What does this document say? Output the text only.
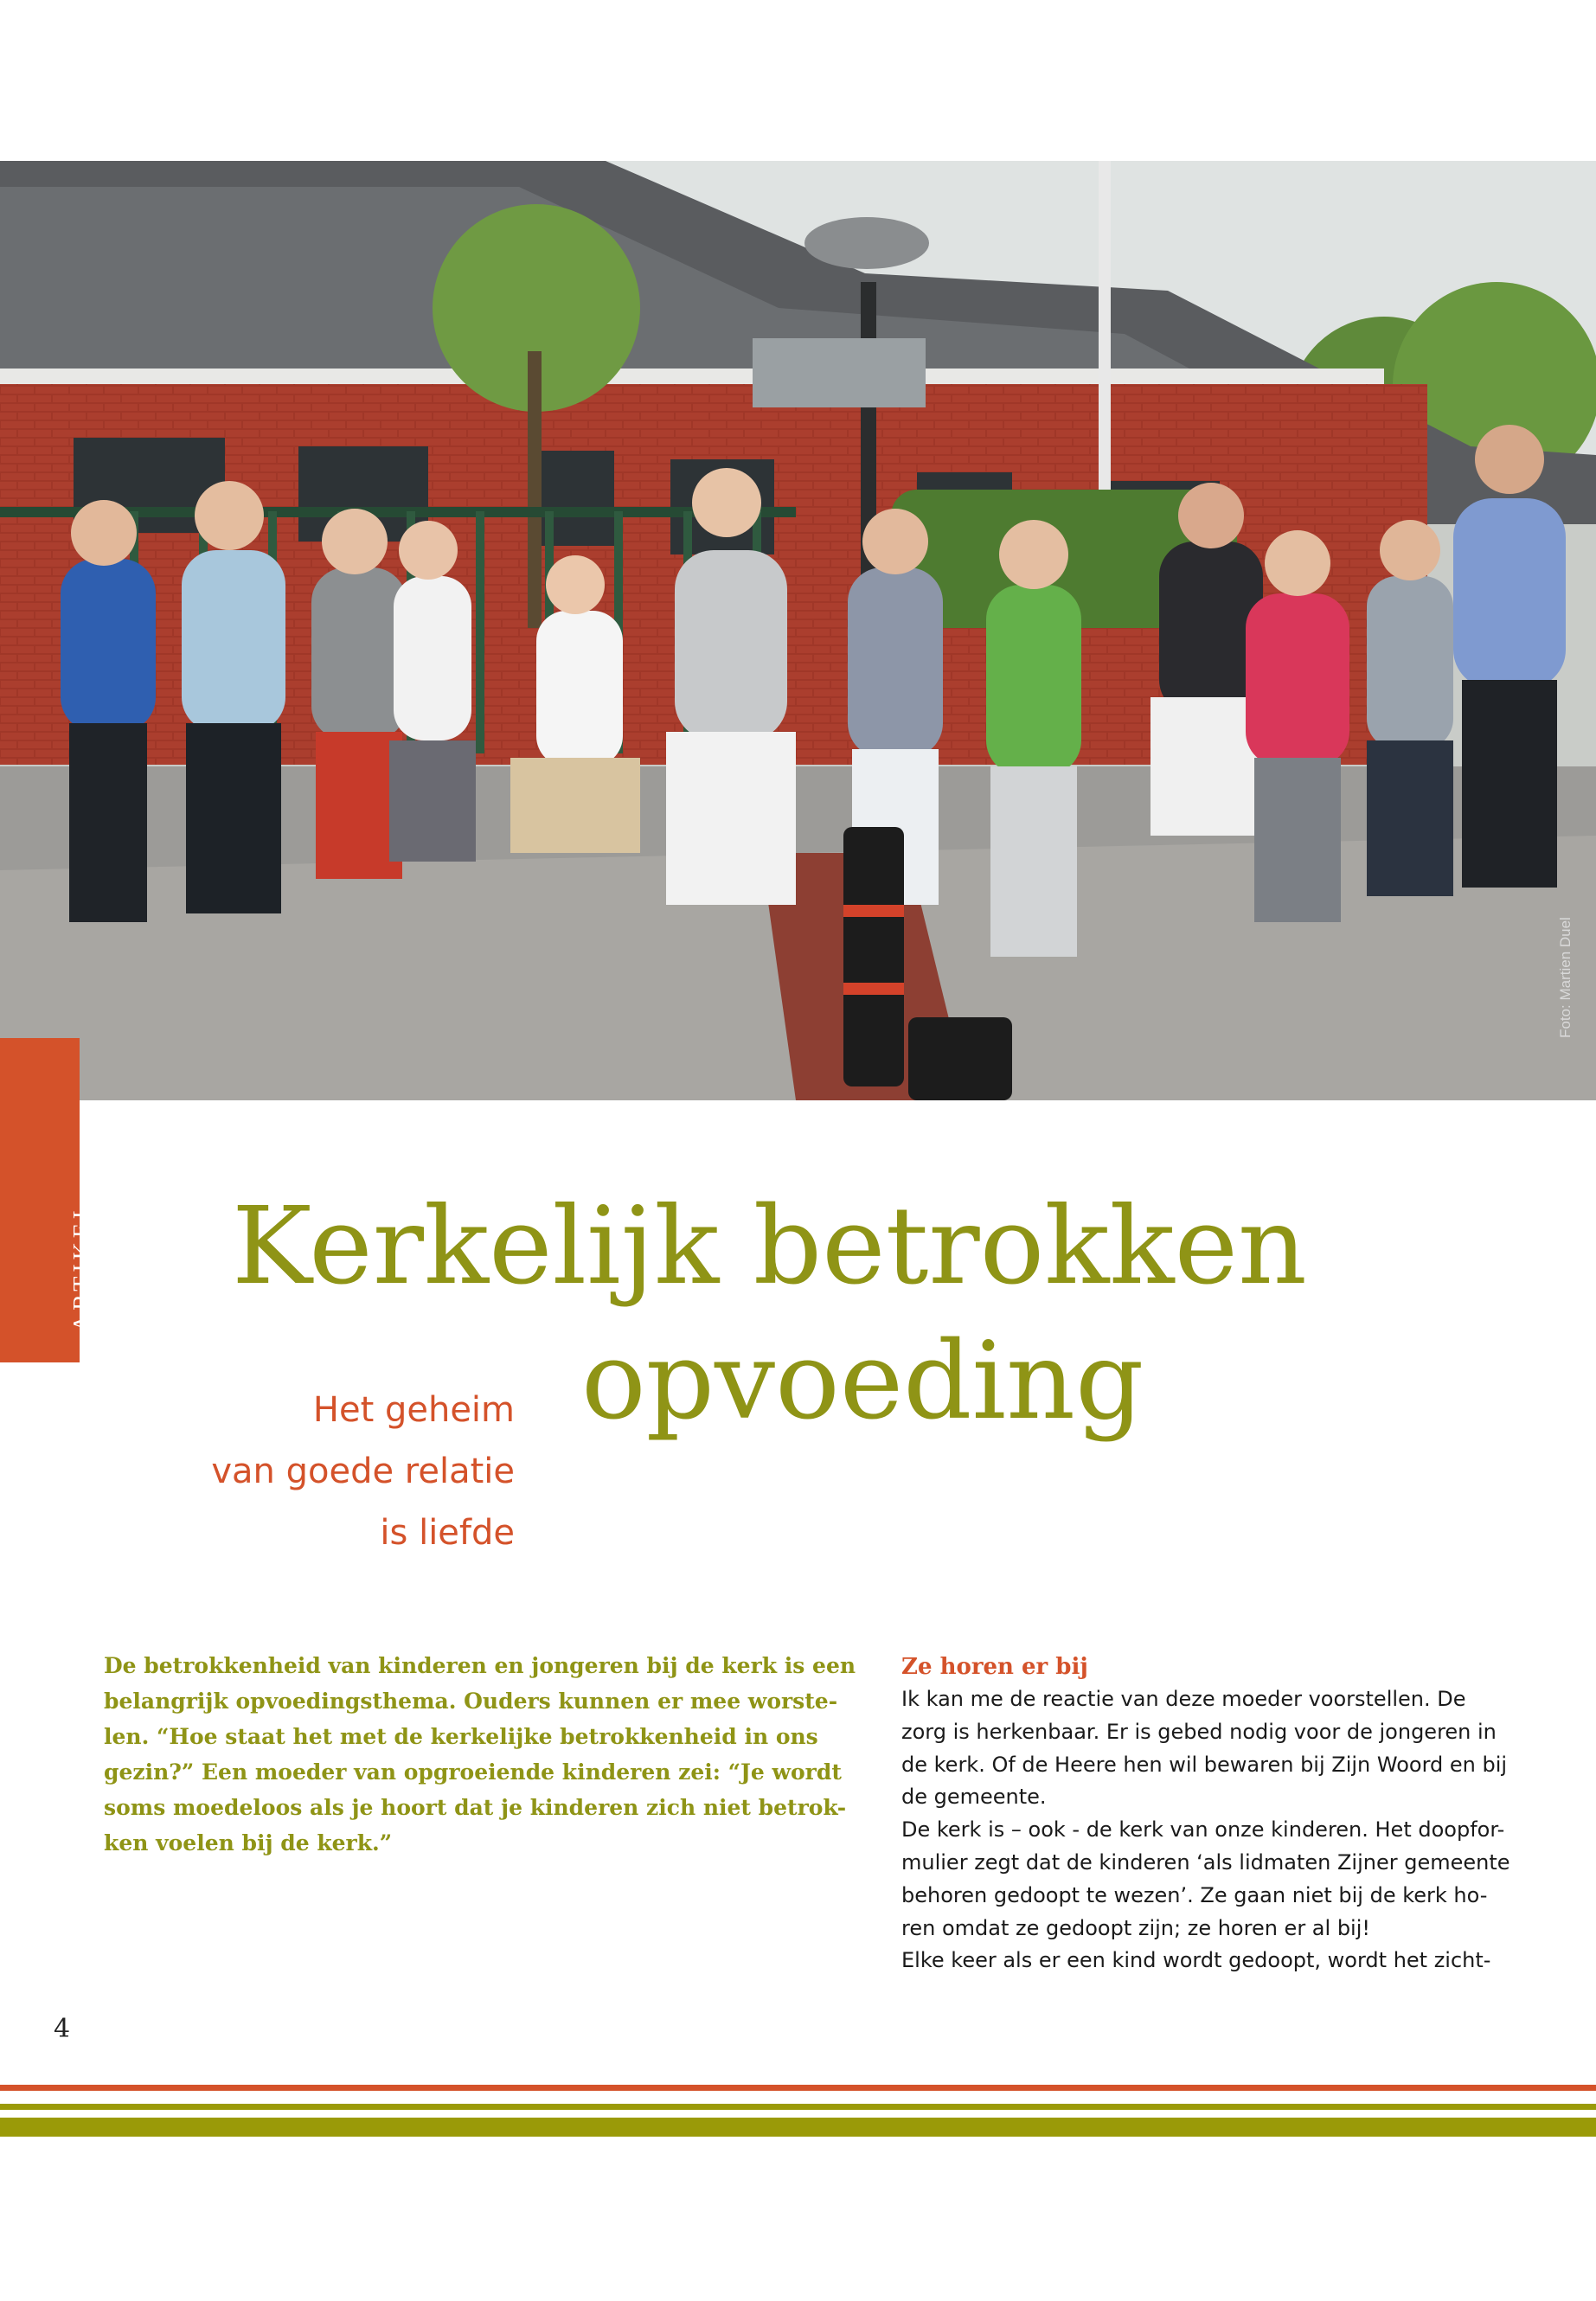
Foto: Martien Duel
ARTIKEL Kerkelijk betrokken
opvoeding
Het geheim
van goede relatie
is liefde
De betrokkenheid van kinderen en jongeren bij de kerk is een
belangrijk opvoedingsthema. Ouders kunnen er mee worste-
len. “Hoe staat het met de kerkelijke betrokkenheid in ons
gezin?” Een moeder van opgroeiende kinderen zei: “Je wordt
soms moedeloos als je hoort dat je kinderen zich niet betrok-
ken voelen bij de kerk.”
Ze horen er bij
Ik kan me de reactie van deze moeder voorstellen. De
zorg is herkenbaar. Er is gebed nodig voor de jongeren in
de kerk. Of de Heere hen wil bewaren bij Zijn Woord en bij
de gemeente.
De kerk is – ook - de kerk van onze kinderen. Het doopfor-
mulier zegt dat de kinderen ‘als lidmaten Zijner gemeente
behoren gedoopt te wezen’. Ze gaan niet bij de kerk ho-
ren omdat ze gedoopt zijn; ze horen er al bij!
Elke keer als er een kind wordt gedoopt, wordt het zicht-
4
